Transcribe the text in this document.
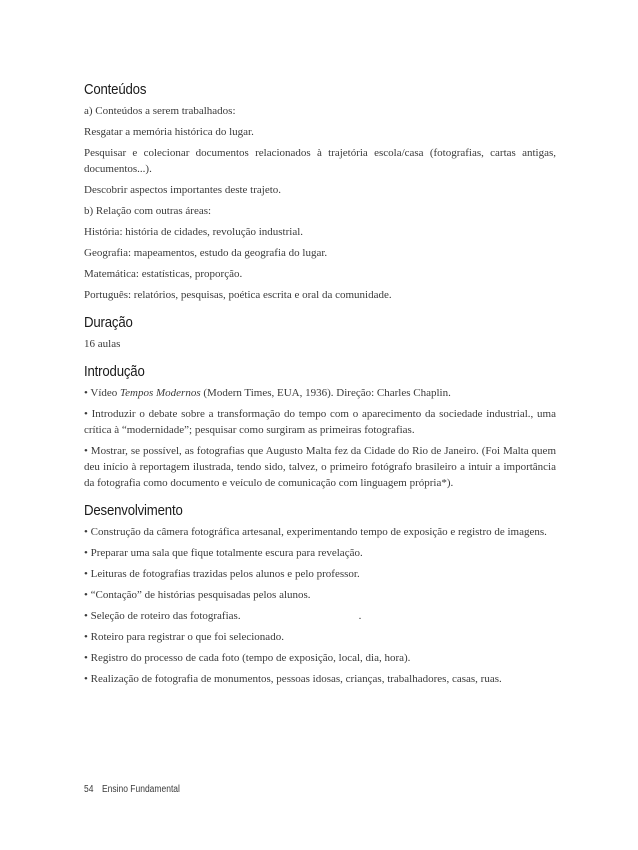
Conteúdos

a) Conteúdos a serem trabalhados:

Resgatar a memória histórica do lugar.

Pesquisar e colecionar documentos relacionados à trajetória escola/casa (fotografias, cartas antigas, documentos...).

Descobrir aspectos importantes deste trajeto.

b) Relação com outras áreas:

História: história de cidades, revolução industrial.

Geografia: mapeamentos, estudo da geografia do lugar.

Matemática: estatísticas, proporção.

Português: relatórios, pesquisas, poética escrita e oral da comunidade.

Duração

16 aulas

Introdução

• Vídeo Tempos Modernos (Modern Times, EUA, 1936). Direção: Charles Chaplin.

• Introduzir o debate sobre a transformação do tempo com o aparecimento da sociedade industrial., uma crítica à “modernidade”; pesquisar como surgiram as primeiras fotografias.

• Mostrar, se possível, as fotografias que Augusto Malta fez da Cidade do Rio de Janeiro. (Foi Malta quem deu início à reportagem ilustrada, tendo sido, talvez, o primeiro fotógrafo brasileiro a intuir a importância da fotografia como documento e veículo de comunicação com linguagem própria*).

Desenvolvimento

• Construção da câmera fotográfica artesanal, experimentando tempo de exposição e registro de imagens.

• Preparar uma sala que fique totalmente escura para revelação.

• Leituras de fotografias trazidas pelos alunos e pelo professor.

• “Contação” de histórias pesquisadas pelos alunos.

• Seleção de roteiro das fotografias.	.

• Roteiro para registrar o que foi selecionado.

• Registro do processo de cada foto (tempo de exposição, local, dia, hora).

• Realização de fotografia de monumentos, pessoas idosas, crianças, trabalhadores, casas, ruas.

54 Ensino Fundamental
